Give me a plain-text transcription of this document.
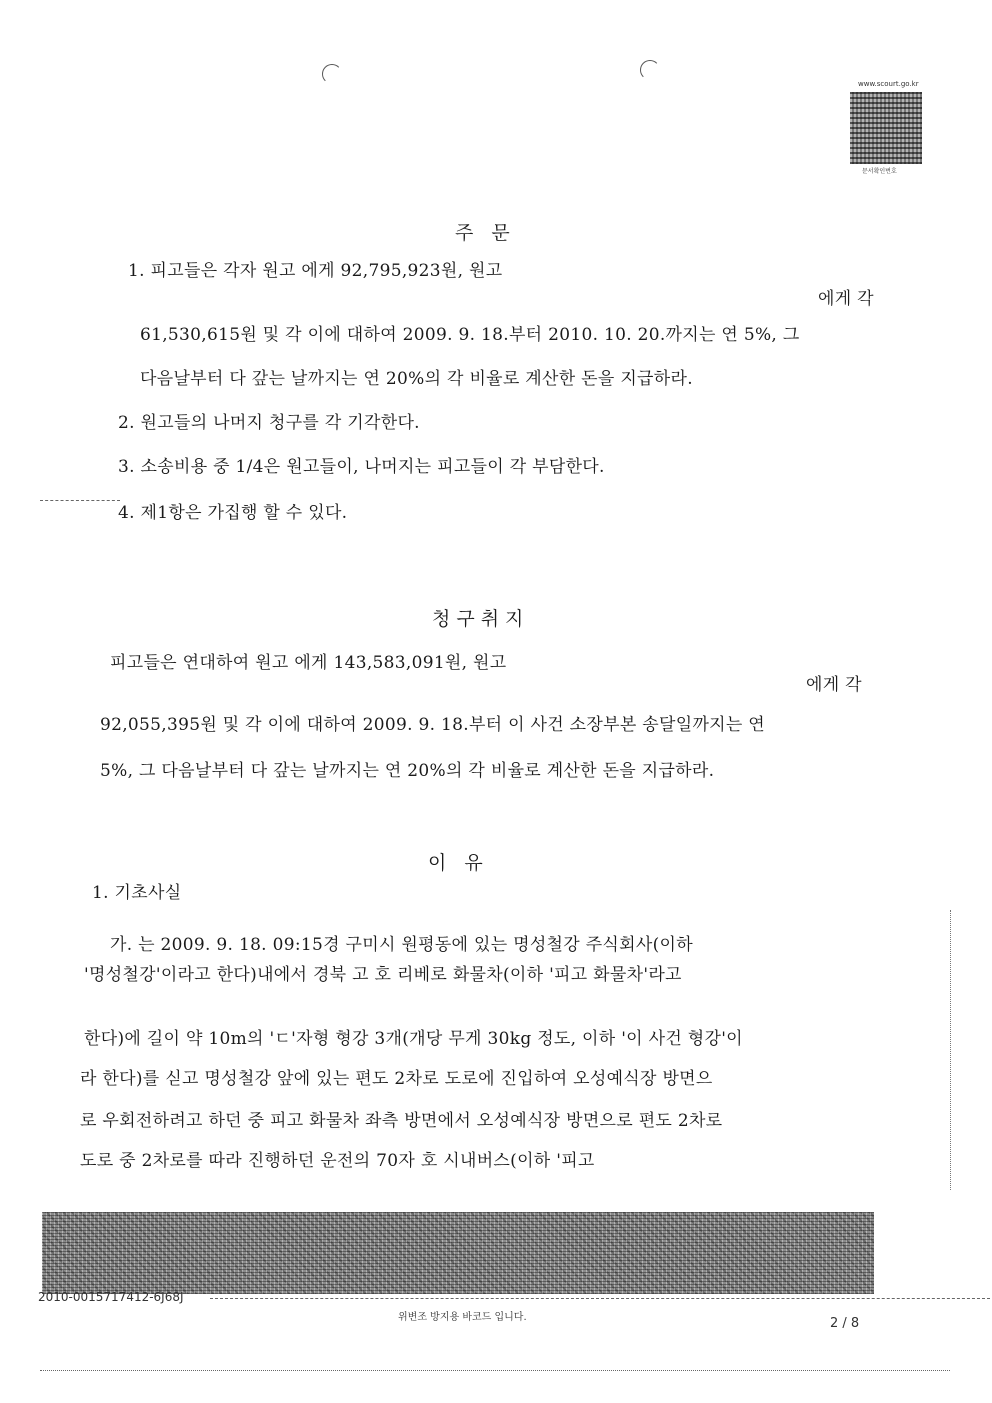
www.scourt.go.kr
문서확인번호
주 문
1. 피고들은 각자 원고 에게 92,795,923원, 원고
에게 각
61,530,615원 및 각 이에 대하여 2009. 9. 18.부터 2010. 10. 20.까지는 연 5%, 그
다음날부터 다 갚는 날까지는 연 20%의 각 비율로 계산한 돈을 지급하라.
2. 원고들의 나머지 청구를 각 기각한다.
3. 소송비용 중 1/4은 원고들이, 나머지는 피고들이 각 부담한다.
4. 제1항은 가집행 할 수 있다.
청구취지
피고들은 연대하여 원고 에게 143,583,091원, 원고
에게 각
92,055,395원 및 각 이에 대하여 2009. 9. 18.부터 이 사건 소장부본 송달일까지는 연
5%, 그 다음날부터 다 갚는 날까지는 연 20%의 각 비율로 계산한 돈을 지급하라.
이 유
1. 기초사실
가. 는 2009. 9. 18. 09:15경 구미시 원평동에 있는 명성철강 주식회사(이하
'명성철강'이라고 한다)내에서 경북 고 호 리베로 화물차(이하 '피고 화물차'라고
한다)에 길이 약 10m의 'ㄷ'자형 형강 3개(개당 무게 30kg 정도, 이하 '이 사건 형강'이
라 한다)를 싣고 명성철강 앞에 있는 편도 2차로 도로에 진입하여 오성예식장 방면으
로 우회전하려고 하던 중 피고 화물차 좌측 방면에서 오성예식장 방면으로 편도 2차로
도로 중 2차로를 따라 진행하던 운전의 70자 호 시내버스(이하 '피고
2010-0015717412-6J68J
위변조 방지용 바코드 입니다.	2 / 8
